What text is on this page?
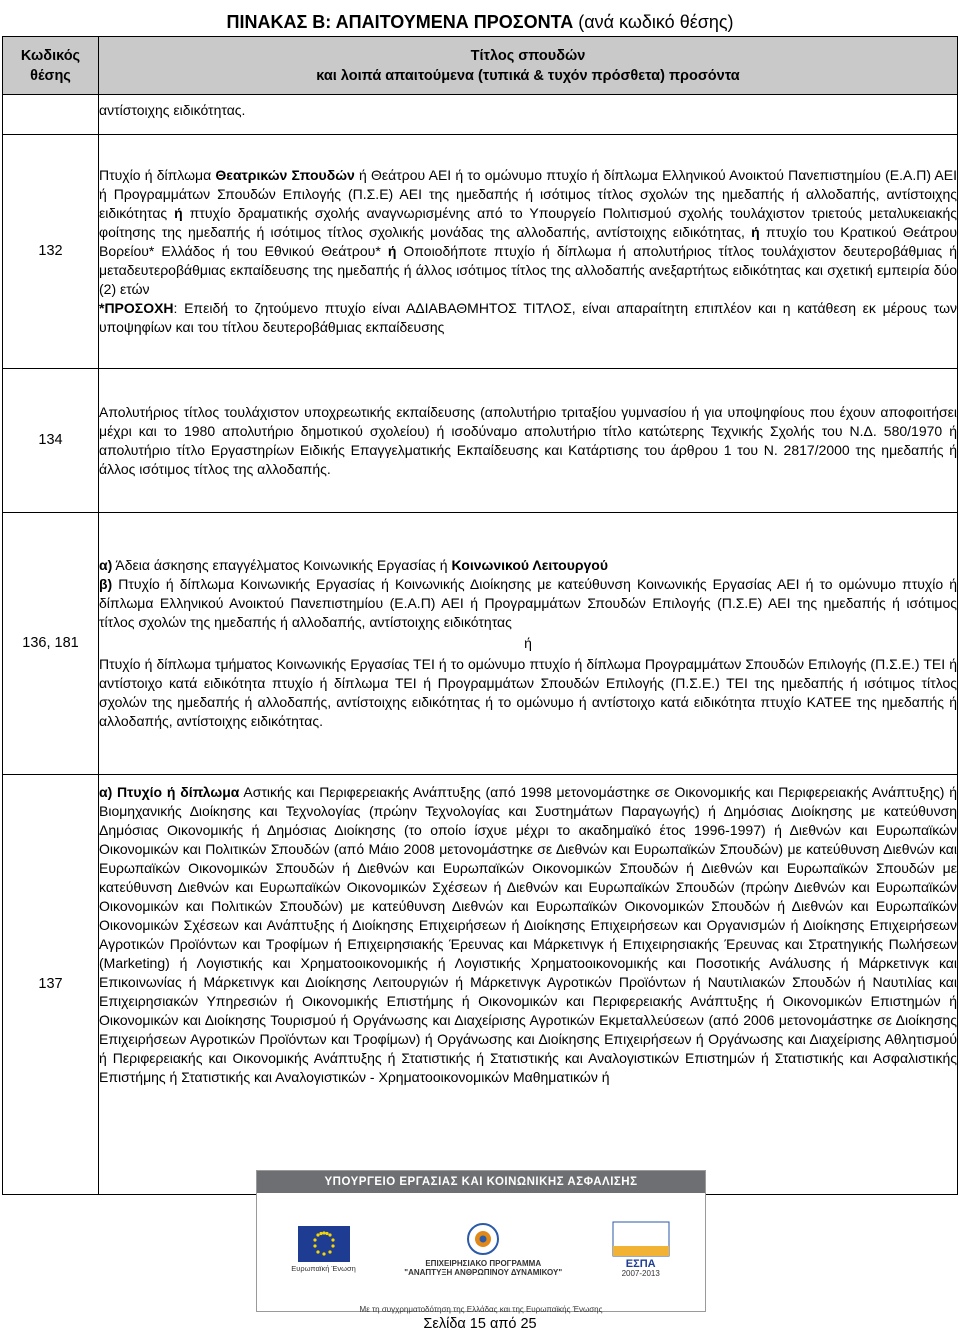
ΠΙΝΑΚΑΣ Β: ΑΠΑΙΤΟΥΜΕΝΑ ΠΡΟΣΟΝΤΑ (ανά κωδικό θέσης)
Κωδικός θέσης	Τίτλος σπουδών
και λοιπά απαιτούμενα (τυπικά & τυχόν πρόσθετα) προσόντα

	αντίστοιχης ειδικότητας.
132	Πτυχίο ή δίπλωμα Θεατρικών Σπουδών ή Θεάτρου ΑΕΙ ή το ομώνυμο πτυχίο ή δίπλωμα Ελληνικού Ανοικτού Πανεπιστημίου (Ε.Α.Π) ΑΕΙ ή Προγραμμάτων Σπουδών Επιλογής (Π.Σ.Ε) ΑΕΙ της ημεδαπής ή ισότιμος τίτλος σχολών της ημεδαπής ή αλλοδαπής, αντίστοιχης ειδικότητας ή πτυχίο δραματικής σχολής αναγνωρισμένης από το Υπουργείο Πολιτισμού σχολής τουλάχιστον τριετούς μεταλυκειακής φοίτησης της ημεδαπής ή ισότιμος τίτλος σχολικής μονάδας της αλλοδαπής, αντίστοιχης ειδικότητας, ή πτυχίο του Κρατικού Θεάτρου Βορείου* Ελλάδος ή του Εθνικού Θεάτρου* ή Οποιοδήποτε πτυχίο ή δίπλωμα ή απολυτήριος τίτλος τουλάχιστον δευτεροβάθμιας ή μεταδευτεροβάθμιας εκπαίδευσης της ημεδαπής ή άλλος ισότιμος τίτλος της αλλοδαπής ανεξαρτήτως ειδικότητας και σχετική εμπειρία δύο (2) ετών

*ΠΡΟΣΟΧΗ: Επειδή το ζητούμενο πτυχίο είναι ΑΔΙΑΒΑΘΜΗΤΟΣ ΤΙΤΛΟΣ, είναι απαραίτητη επιπλέον και η κατάθεση εκ μέρους των υποψηφίων και του τίτλου δευτεροβάθμιας εκπαίδευσης

134	Απολυτήριος τίτλος τουλάχιστον υποχρεωτικής εκπαίδευσης (απολυτήριο τριταξίου γυμνασίου ή για υποψηφίους που έχουν αποφοιτήσει μέχρι και το 1980 απολυτήριο δημοτικού σχολείου) ή ισοδύναμο απολυτήριο τίτλο κατώτερης Τεχνικής Σχολής του Ν.Δ. 580/1970 ή απολυτήριο τίτλο Εργαστηρίων Ειδικής Επαγγελματικής Εκπαίδευσης και Κατάρτισης του άρθρου 1 του Ν. 2817/2000 της ημεδαπής ή άλλος ισότιμος τίτλος της αλλοδαπής.
136, 181	α) Άδεια άσκησης επαγγέλματος Κοινωνικής Εργασίας ή Κοινωνικού Λειτουργού

β) Πτυχίο ή δίπλωμα Κοινωνικής Εργασίας ή Κοινωνικής Διοίκησης με κατεύθυνση Κοινωνικής Εργασίας ΑΕΙ ή το ομώνυμο πτυχίο ή δίπλωμα Ελληνικού Ανοικτού Πανεπιστημίου (Ε.Α.Π) ΑΕΙ ή Προγραμμάτων Σπουδών Επιλογής (Π.Σ.Ε) ΑΕΙ της ημεδαπής ή ισότιμος τίτλος σχολών της ημεδαπής ή αλλοδαπής, αντίστοιχης ειδικότητας

ή

Πτυχίο ή δίπλωμα τμήματος Κοινωνικής Εργασίας ΤΕΙ ή το ομώνυμο πτυχίο ή δίπλωμα Προγραμμάτων Σπουδών Επιλογής (Π.Σ.Ε.) ΤΕΙ ή αντίστοιχο κατά ειδικότητα πτυχίο ή δίπλωμα ΤΕΙ ή Προγραμμάτων Σπουδών Επιλογής (Π.Σ.Ε.) ΤΕΙ της ημεδαπής ή ισότιμος τίτλος σχολών της ημεδαπής ή αλλοδαπής, αντίστοιχης ειδικότητας ή το ομώνυμο ή αντίστοιχο κατά ειδικότητα πτυχίο ΚΑΤΕΕ της ημεδαπής ή αλλοδαπής, αντίστοιχης ειδικότητας.

137	α) Πτυχίο ή δίπλωμα Αστικής και Περιφερειακής Ανάπτυξης (από 1998 μετονομάστηκε σε Οικονομικής και Περιφερειακής Ανάπτυξης) ή Βιομηχανικής Διοίκησης και Τεχνολογίας (πρώην Τεχνολογίας και Συστημάτων Παραγωγής) ή Δημόσιας Διοίκησης με κατεύθυνση Δημόσιας Οικονομικής ή Δημόσιας Διοίκησης (το οποίο ίσχυε μέχρι το ακαδημαϊκό έτος 1996-1997) ή Διεθνών και Ευρωπαϊκών Οικονομικών και Πολιτικών Σπουδών (από Μάιο 2008 μετονομάστηκε σε Διεθνών και Ευρωπαϊκών Σπουδών) με κατεύθυνση Διεθνών και Ευρωπαϊκών Οικονομικών Σπουδών ή Διεθνών και Ευρωπαϊκών Οικονομικών Σπουδών ή Διεθνών και Ευρωπαϊκών Σπουδών με κατεύθυνση Διεθνών και Ευρωπαϊκών Οικονομικών Σχέσεων ή Διεθνών και Ευρωπαϊκών Σπουδών (πρώην Διεθνών και Ευρωπαϊκών Οικονομικών και Πολιτικών Σπουδών) με κατεύθυνση Διεθνών και Ευρωπαϊκών Οικονομικών Σπουδών ή Διεθνών και Ευρωπαϊκών Οικονομικών Σχέσεων και Ανάπτυξης ή Διοίκησης Επιχειρήσεων ή Διοίκησης Επιχειρήσεων και Οργανισμών ή Διοίκησης Επιχειρήσεων Αγροτικών Προϊόντων και Τροφίμων ή Επιχειρησιακής Έρευνας και Μάρκετινγκ ή Επιχειρησιακής Έρευνας και Στρατηγικής Πωλήσεων (Marketing) ή Λογιστικής και Χρηματοοικονομικής ή Λογιστικής Χρηματοοικονομικής και Ποσοτικής Ανάλυσης ή Μάρκετινγκ και Επικοινωνίας ή Μάρκετινγκ και Διοίκησης Λειτουργιών ή Μάρκετινγκ Αγροτικών Προϊόντων ή Ναυτιλιακών Σπουδών ή Ναυτιλίας και Επιχειρησιακών Υπηρεσιών ή Οικονομικής Επιστήμης ή Οικονομικών και Περιφερειακής Ανάπτυξης ή Οικονομικών Επιστημών ή Οικονομικών και Διοίκησης Τουρισμού ή Οργάνωσης και Διαχείρισης Αγροτικών Εκμεταλλεύσεων (από 2006 μετονομάστηκε σε Διοίκησης Επιχειρήσεων Αγροτικών Προϊόντων και Τροφίμων) ή Οργάνωσης και Διοίκησης Επιχειρήσεων ή Οργάνωσης και Διαχείρισης Αθλητισμού ή Περιφερειακής και Οικονομικής Ανάπτυξης ή Στατιστικής ή Στατιστικής και Αναλογιστικών Επιστημών ή Στατιστικής και Ασφαλιστικής Επιστήμης ή Στατιστικής και Αναλογιστικών - Χρηματοοικονομικών Μαθηματικών ή
ΥΠΟΥΡΓΕΙΟ ΕΡΓΑΣΙΑΣ ΚΑΙ ΚΟΙΝΩΝΙΚΗΣ ΑΣΦΑΛΙΣΗΣ
Ευρωπαϊκή Ένωση	ΕΠΙΧΕΙΡΗΣΙΑΚΟ ΠΡΟΓΡΑΜΜΑ
"ΑΝΑΠΤΥΞΗ ΑΝΘΡΩΠΙΝΟΥ ΔΥΝΑΜΙΚΟΥ"
ΕΣΠΑ
2007-2013
Με τη συγχρηματοδότηση της Ελλάδας και της Ευρωπαϊκής Ένωσης
Σελίδα 15 από 25
